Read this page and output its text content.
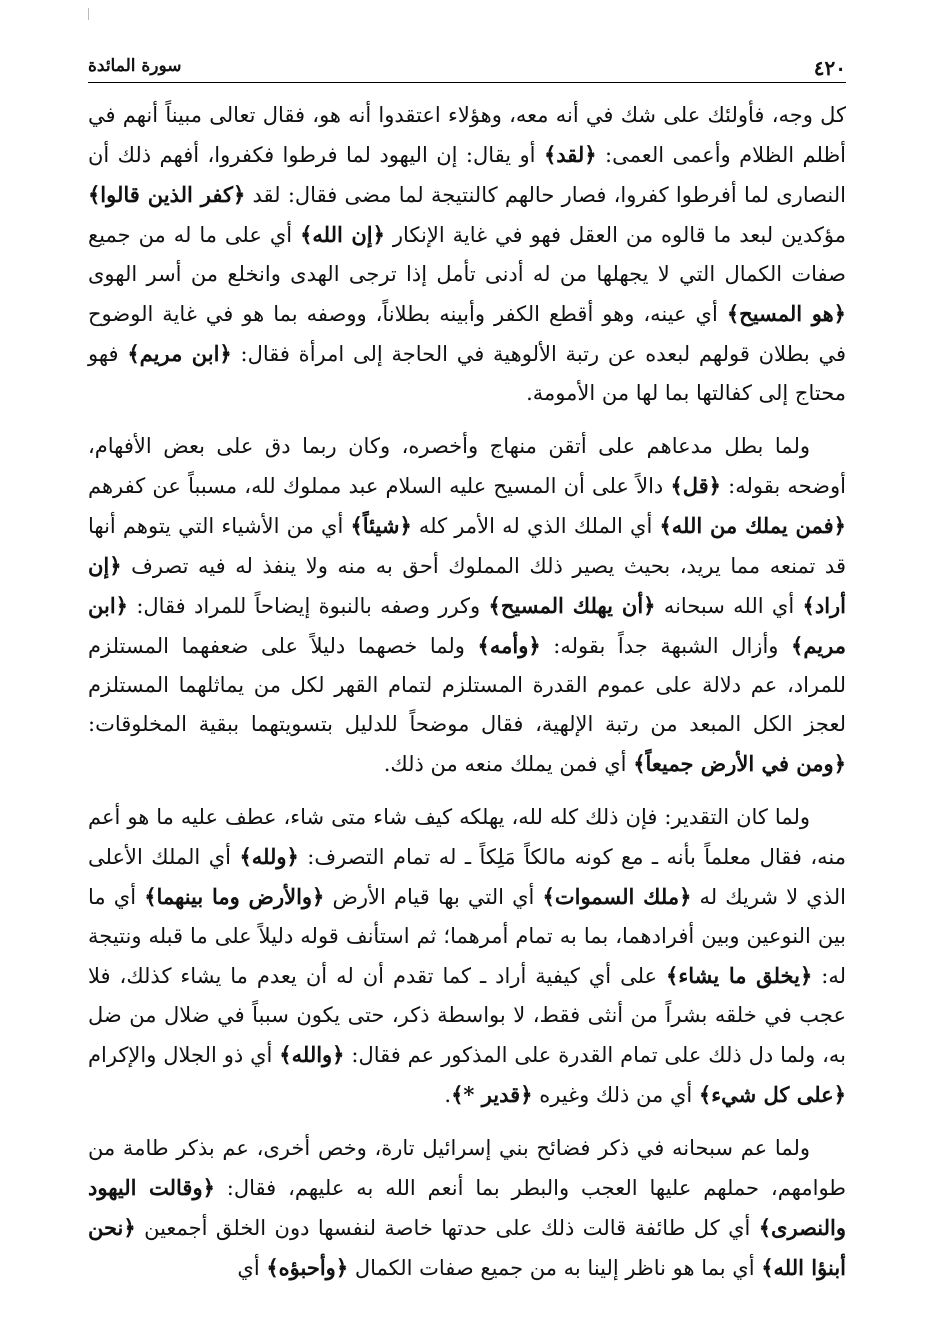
٤٢٠
سورة المائدة

كل وجه، فأولئك على شك في أنه معه، وهؤلاء اعتقدوا أنه هو، فقال تعالى مبيناً أنهم في أظلم الظلام وأعمى العمى: ﴿لقد﴾ أو يقال: إن اليهود لما فرطوا فكفروا، أفهم ذلك أن النصارى لما أفرطوا كفروا، فصار حالهم كالنتيجة لما مضى فقال: لقد ﴿كفر الذين قالوا﴾ مؤكدين لبعد ما قالوه من العقل فهو في غاية الإنكار ﴿إن الله﴾ أي على ما له من جميع صفات الكمال التي لا يجهلها من له أدنى تأمل إذا ترجى الهدى وانخلع من أسر الهوى ﴿هو المسيح﴾ أي عينه، وهو أقطع الكفر وأبينه بطلاناً، ووصفه بما هو في غاية الوضوح في بطلان قولهم لبعده عن رتبة الألوهية في الحاجة إلى امرأة فقال: ﴿ابن مريم﴾ فهو محتاج إلى كفالتها بما لها من الأمومة.

ولما بطل مدعاهم على أتقن منهاج وأخصره، وكان ربما دق على بعض الأفهام، أوضحه بقوله: ﴿قل﴾ دالاً على أن المسيح عليه السلام عبد مملوك لله، مسبباً عن كفرهم ﴿فمن يملك من الله﴾ أي الملك الذي له الأمر كله ﴿شيئاً﴾ أي من الأشياء التي يتوهم أنها قد تمنعه مما يريد، بحيث يصير ذلك المملوك أحق به منه ولا ينفذ له فيه تصرف ﴿إن أراد﴾ أي الله سبحانه ﴿أن يهلك المسيح﴾ وكرر وصفه بالنبوة إيضاحاً للمراد فقال: ﴿ابن مريم﴾ وأزال الشبهة جداً بقوله: ﴿وأمه﴾ ولما خصهما دليلاً على ضعفهما المستلزم للمراد، عم دلالة على عموم القدرة المستلزم لتمام القهر لكل من يماثلهما المستلزم لعجز الكل المبعد من رتبة الإلهية، فقال موضحاً للدليل بتسويتهما ببقية المخلوقات: ﴿ومن في الأرض جميعاً﴾ أي فمن يملك منعه من ذلك.

ولما كان التقدير: فإن ذلك كله لله، يهلكه كيف شاء متى شاء، عطف عليه ما هو أعم منه، فقال معلماً بأنه ـ مع كونه مالكاً مَلِكاً ـ له تمام التصرف: ﴿ولله﴾ أي الملك الأعلى الذي لا شريك له ﴿ملك السموات﴾ أي التي بها قيام الأرض ﴿والأرض وما بينهما﴾ أي ما بين النوعين وبين أفرادهما، بما به تمام أمرهما؛ ثم استأنف قوله دليلاً على ما قبله ونتيجة له: ﴿يخلق ما يشاء﴾ على أي كيفية أراد ـ كما تقدم أن له أن يعدم ما يشاء كذلك، فلا عجب في خلقه بشراً من أنثى فقط، لا بواسطة ذكر، حتى يكون سبباً في ضلال من ضل به، ولما دل ذلك على تمام القدرة على المذكور عم فقال: ﴿والله﴾ أي ذو الجلال والإكرام ﴿على كل شيء﴾ أي من ذلك وغيره ﴿قدير *﴾.

ولما عم سبحانه في ذكر فضائح بني إسرائيل تارة، وخص أخرى، عم بذكر طامة من طوامهم، حملهم عليها العجب والبطر بما أنعم الله به عليهم، فقال: ﴿وقالت اليهود والنصرى﴾ أي كل طائفة قالت ذلك على حدتها خاصة لنفسها دون الخلق أجمعين ﴿نحن أبنؤا الله﴾ أي بما هو ناظر إلينا به من جميع صفات الكمال ﴿وأحبؤه﴾ أي
